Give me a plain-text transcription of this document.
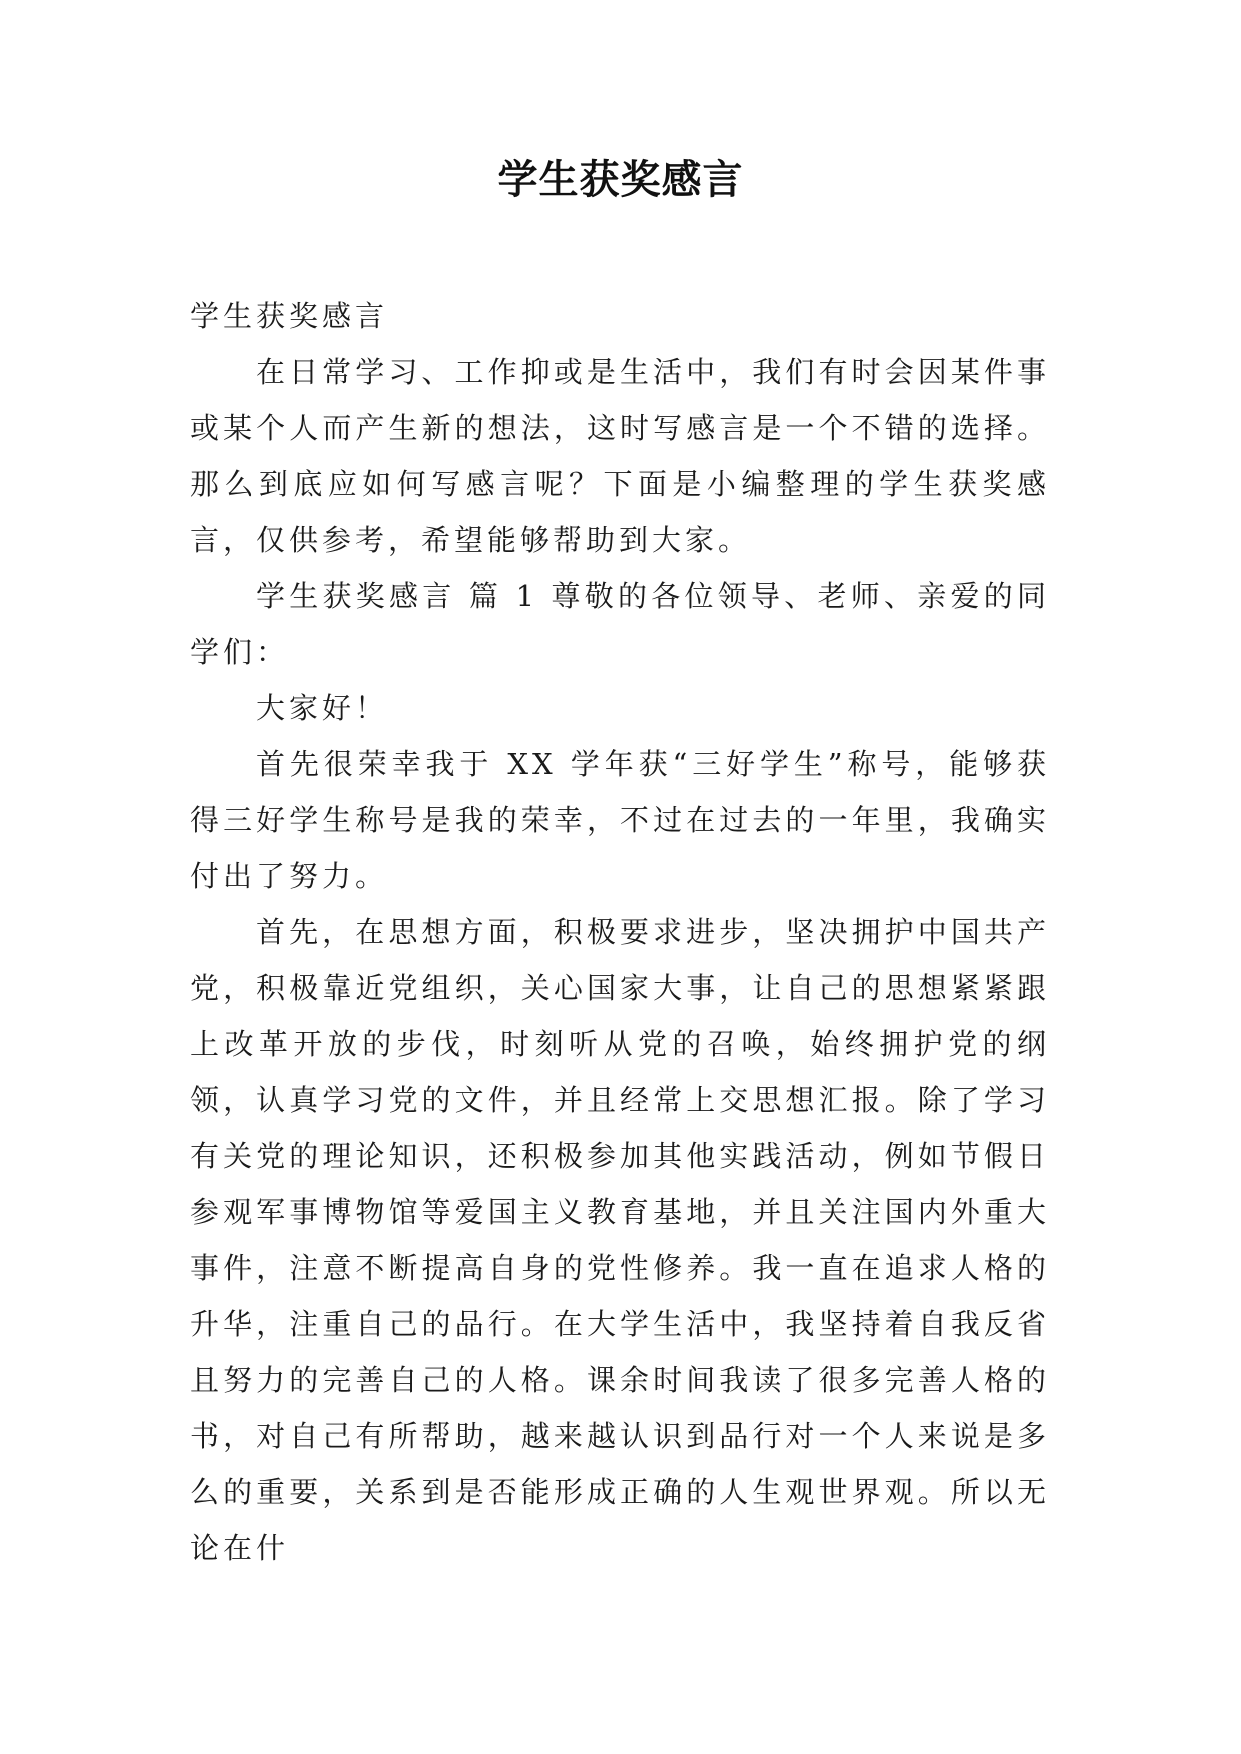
学生获奖感言

学生获奖感言

在日常学习、工作抑或是生活中，我们有时会因某件事或某个人而产生新的想法，这时写感言是一个不错的选择。那么到底应如何写感言呢？下面是小编整理的学生获奖感言，仅供参考，希望能够帮助到大家。

学生获奖感言 篇 1 尊敬的各位领导、老师、亲爱的同学们：

大家好！

首先很荣幸我于 XX 学年获“三好学生”称号，能够获得三好学生称号是我的荣幸，不过在过去的一年里，我确实付出了努力。

首先，在思想方面，积极要求进步，坚决拥护中国共产党，积极靠近党组织，关心国家大事，让自己的思想紧紧跟上改革开放的步伐，时刻听从党的召唤，始终拥护党的纲领，认真学习党的文件，并且经常上交思想汇报。除了学习有关党的理论知识，还积极参加其他实践活动，例如节假日参观军事博物馆等爱国主义教育基地，并且关注国内外重大事件，注意不断提高自身的党性修养。我一直在追求人格的升华，注重自己的品行。在大学生活中，我坚持着自我反省且努力的完善自己的人格。课余时间我读了很多完善人格的书，对自己有所帮助，越来越认识到品行对一个人来说是多么的重要，关系到是否能形成正确的人生观世界观。所以无论在什
